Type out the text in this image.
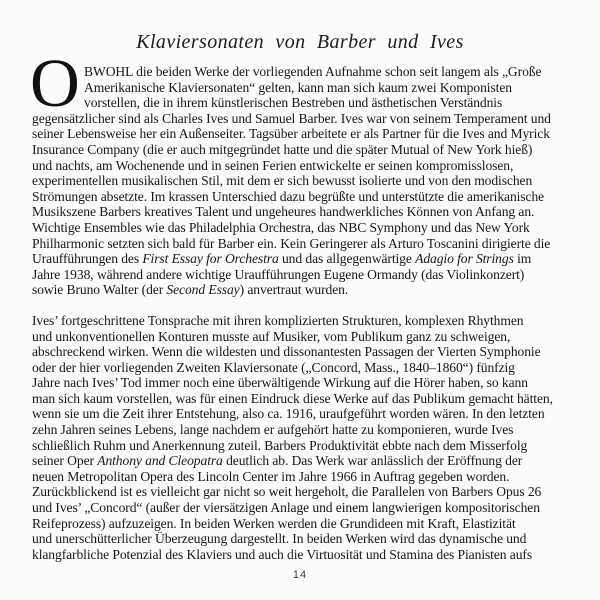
Klaviersonaten von Barber und Ives
O BWOHL die beiden Werke der vorliegenden Aufnahme schon seit langem als „Große
Amerikanische Klaviersonaten“ gelten, kann man sich kaum zwei Komponisten
vorstellen, die in ihrem künstlerischen Bestreben und ästhetischen Verständnis
gegensätzlicher sind als Charles Ives und Samuel Barber. Ives war von seinem Temperament und
seiner Lebensweise her ein Außenseiter. Tagsüber arbeitete er als Partner für die Ives and Myrick
Insurance Company (die er auch mitgegründet hatte und die später Mutual of New York hieß)
und nachts, am Wochenende und in seinen Ferien entwickelte er seinen kompromisslosen,
experimentellen musikalischen Stil, mit dem er sich bewusst isolierte und von den modischen
Strömungen absetzte. Im krassen Unterschied dazu begrüßte und unterstützte die amerikanische
Musikszene Barbers kreatives Talent und ungeheures handwerkliches Können von Anfang an.
Wichtige Ensembles wie das Philadelphia Orchestra, das NBC Symphony und das New York
Philharmonic setzten sich bald für Barber ein. Kein Geringerer als Arturo Toscanini dirigierte die
Uraufführungen des First Essay for Orchestra und das allgegenwärtige Adagio for Strings im
Jahre 1938, während andere wichtige Uraufführungen Eugene Ormandy (das Violinkonzert)
sowie Bruno Walter (der Second Essay) anvertraut wurden.
Ives’ fortgeschrittene Tonsprache mit ihren komplizierten Strukturen, komplexen Rhythmen
und unkonventionellen Konturen musste auf Musiker, vom Publikum ganz zu schweigen,
abschreckend wirken. Wenn die wildesten und dissonantesten Passagen der Vierten Symphonie
oder der hier vorliegenden Zweiten Klaviersonate („Concord, Mass., 1840–1860“) fünfzig
Jahre nach Ives’ Tod immer noch eine überwältigende Wirkung auf die Hörer haben, so kann
man sich kaum vorstellen, was für einen Eindruck diese Werke auf das Publikum gemacht hätten,
wenn sie um die Zeit ihrer Entstehung, also ca. 1916, uraufgeführt worden wären. In den letzten
zehn Jahren seines Lebens, lange nachdem er aufgehört hatte zu komponieren, wurde Ives
schließlich Ruhm und Anerkennung zuteil. Barbers Produktivität ebbte nach dem Misserfolg
seiner Oper Anthony and Cleopatra deutlich ab. Das Werk war anlässlich der Eröffnung der
neuen Metropolitan Opera des Lincoln Center im Jahre 1966 in Auftrag gegeben worden.
Zurückblickend ist es vielleicht gar nicht so weit hergeholt, die Parallelen von Barbers Opus 26
und Ives’ „Concord“ (außer der viersätzigen Anlage und einem langwierigen kompositorischen
Reifeprozess) aufzuzeigen. In beiden Werken werden die Grundideen mit Kraft, Elastizität
und unerschütterlicher Überzeugung dargestellt. In beiden Werken wird das dynamische und
klangfarbliche Potenzial des Klaviers und auch die Virtuosität und Stamina des Pianisten aufs
14
